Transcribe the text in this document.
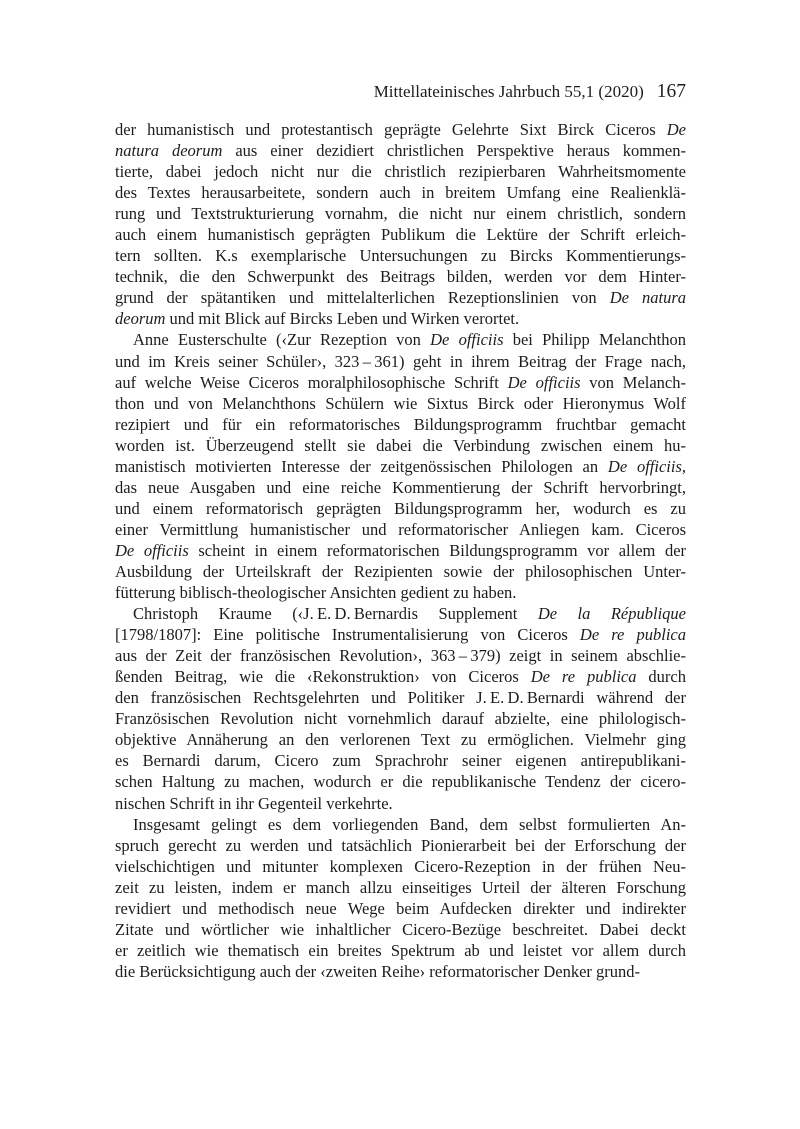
Mittellateinisches Jahrbuch 55,1 (2020) 167
der humanistisch und protestantisch geprägte Gelehrte Sixt Birck Ciceros De
natura deorum aus einer dezidiert christlichen Perspektive heraus kommen-
tierte, dabei jedoch nicht nur die christlich rezipierbaren Wahrheitsmomente
des Textes herausarbeitete, sondern auch in breitem Umfang eine Realienklä-
rung und Textstrukturierung vornahm, die nicht nur einem christlich, sondern
auch einem humanistisch geprägten Publikum die Lektüre der Schrift erleich-
tern sollten. K.s exemplarische Untersuchungen zu Bircks Kommentierungs-
technik, die den Schwerpunkt des Beitrags bilden, werden vor dem Hinter-
grund der spätantiken und mittelalterlichen Rezeptionslinien von De natura
deorum und mit Blick auf Bircks Leben und Wirken verortet.
Anne Eusterschulte (‹Zur Rezeption von De officiis bei Philipp Melanchthon
und im Kreis seiner Schüler›, 323 – 361) geht in ihrem Beitrag der Frage nach,
auf welche Weise Ciceros moralphilosophische Schrift De officiis von Melanch-
thon und von Melanchthons Schülern wie Sixtus Birck oder Hieronymus Wolf
rezipiert und für ein reformatorisches Bildungsprogramm fruchtbar gemacht
worden ist. Überzeugend stellt sie dabei die Verbindung zwischen einem hu-
manistisch motivierten Interesse der zeitgenössischen Philologen an De officiis,
das neue Ausgaben und eine reiche Kommentierung der Schrift hervorbringt,
und einem reformatorisch geprägten Bildungsprogramm her, wodurch es zu
einer Vermittlung humanistischer und reformatorischer Anliegen kam. Ciceros
De officiis scheint in einem reformatorischen Bildungsprogramm vor allem der
Ausbildung der Urteilskraft der Rezipienten sowie der philosophischen Unter-
fütterung biblisch-theologischer Ansichten gedient zu haben.
Christoph Kraume (‹J. E. D. Bernardis Supplement De la République
[1798/1807]: Eine politische Instrumentalisierung von Ciceros De re publica
aus der Zeit der französischen Revolution›, 363 – 379) zeigt in seinem abschlie-
ßenden Beitrag, wie die ‹Rekonstruktion› von Ciceros De re publica durch
den französischen Rechtsgelehrten und Politiker J. E. D. Bernardi während der
Französischen Revolution nicht vornehmlich darauf abzielte, eine philologisch-
objektive Annäherung an den verlorenen Text zu ermöglichen. Vielmehr ging
es Bernardi darum, Cicero zum Sprachrohr seiner eigenen antirepublikani-
schen Haltung zu machen, wodurch er die republikanische Tendenz der cicero-
nischen Schrift in ihr Gegenteil verkehrte.
Insgesamt gelingt es dem vorliegenden Band, dem selbst formulierten An-
spruch gerecht zu werden und tatsächlich Pionierarbeit bei der Erforschung der
vielschichtigen und mitunter komplexen Cicero-Rezeption in der frühen Neu-
zeit zu leisten, indem er manch allzu einseitiges Urteil der älteren Forschung
revidiert und methodisch neue Wege beim Aufdecken direkter und indirekter
Zitate und wörtlicher wie inhaltlicher Cicero-Bezüge beschreitet. Dabei deckt
er zeitlich wie thematisch ein breites Spektrum ab und leistet vor allem durch
die Berücksichtigung auch der ‹zweiten Reihe› reformatorischer Denker grund-
